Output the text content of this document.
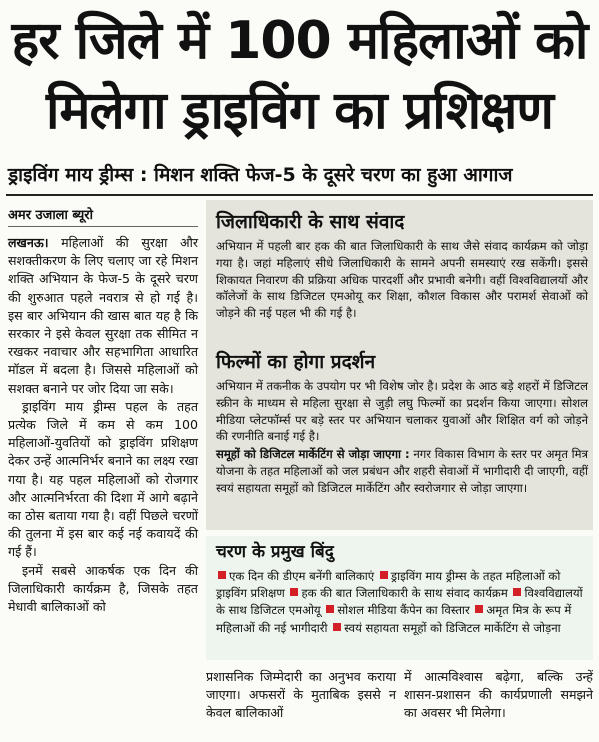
हर जिले में 100 महिलाओं को
मिलेगा ड्राइविंग का प्रशिक्षण
ड्राइविंग माय ड्रीम्स : मिशन शक्ति फेज-5 के दूसरे चरण का हुआ आगाज
अमर उजाला ब्यूरो

लखनऊ। महिलाओं की सुरक्षा और सशक्तीकरण के लिए चलाए जा रहे मिशन शक्ति अभियान के फेज-5 के दूसरे चरण की शुरुआत पहले नवरात्र से हो गई है। इस बार अभियान की खास बात यह है कि सरकार ने इसे केवल सुरक्षा तक सीमित न रखकर नवाचार और सहभागिता आधारित मॉडल में बदला है। जिससे महिलाओं को सशक्त बनाने पर जोर दिया जा सके।

ड्राइविंग माय ड्रीम्स पहल के तहत प्रत्येक जिले में कम से कम 100 महिलाओं-युवतियों को ड्राइविंग प्रशिक्षण देकर उन्हें आत्मनिर्भर बनाने का लक्ष्य रखा गया है। यह पहल महिलाओं को रोजगार और आत्मनिर्भरता की दिशा में आगे बढ़ाने का ठोस बताया गया है। वहीं पिछले चरणों की तुलना में इस बार कई नई कवायदें की गई हैं।

इनमें सबसे आकर्षक एक दिन की जिलाधिकारी कार्यक्रम है, जिसके तहत मेधावी बालिकाओं को

जिलाधिकारी के साथ संवाद
अभियान में पहली बार हक की बात जिलाधिकारी के साथ जैसे संवाद कार्यक्रम को जोड़ा गया है। जहां महिलाएं सीधे जिलाधिकारी के सामने अपनी समस्याएं रख सकेंगी। इससे शिकायत निवारण की प्रक्रिया अधिक पारदर्शी और प्रभावी बनेगी। वहीं विश्वविद्यालयों और कॉलेजों के साथ डिजिटल एमओयू कर शिक्षा, कौशल विकास और परामर्श सेवाओं को जोड़ने की नई पहल भी की गई है।
फिल्मों का होगा प्रदर्शन
अभियान में तकनीक के उपयोग पर भी विशेष जोर है। प्रदेश के आठ बड़े शहरों में डिजिटल स्क्रीन के माध्यम से महिला सुरक्षा से जुड़ी लघु फिल्मों का प्रदर्शन किया जाएगा। सोशल मीडिया प्लेटफॉर्म्स पर बड़े स्तर पर अभियान चलाकर युवाओं और शिक्षित वर्ग को जोड़ने की रणनीति बनाई गई है।
समूहों को डिजिटल मार्केटिंग से जोड़ा जाएगा : नगर विकास विभाग के स्तर पर अमृत मित्र योजना के तहत महिलाओं को जल प्रबंधन और शहरी सेवाओं में भागीदारी दी जाएगी, वहीं स्वयं सहायता समूहों को डिजिटल मार्केटिंग और स्वरोजगार से जोड़ा जाएगा।
चरण के प्रमुख बिंदु
एक दिन की डीएम बनेंगी बालिकाएं ड्राइविंग माय ड्रीम्स के तहत महिलाओं को ड्राइविंग प्रशिक्षण हक की बात जिलाधिकारी के साथ संवाद कार्यक्रम विश्वविद्यालयों के साथ डिजिटल एमओयू सोशल मीडिया कैंपेन का विस्तार अमृत मित्र के रूप में महिलाओं की नई भागीदारी स्वयं सहायता समूहों को डिजिटल मार्केटिंग से जोड़ना
प्रशासनिक जिम्मेदारी का अनुभव कराया जाएगा। अफसरों के मुताबिक इससे न केवल बालिकाओं
में आत्मविश्वास बढ़ेगा, बल्कि उन्हें शासन-प्रशासन की कार्यप्रणाली समझने का अवसर भी मिलेगा।
